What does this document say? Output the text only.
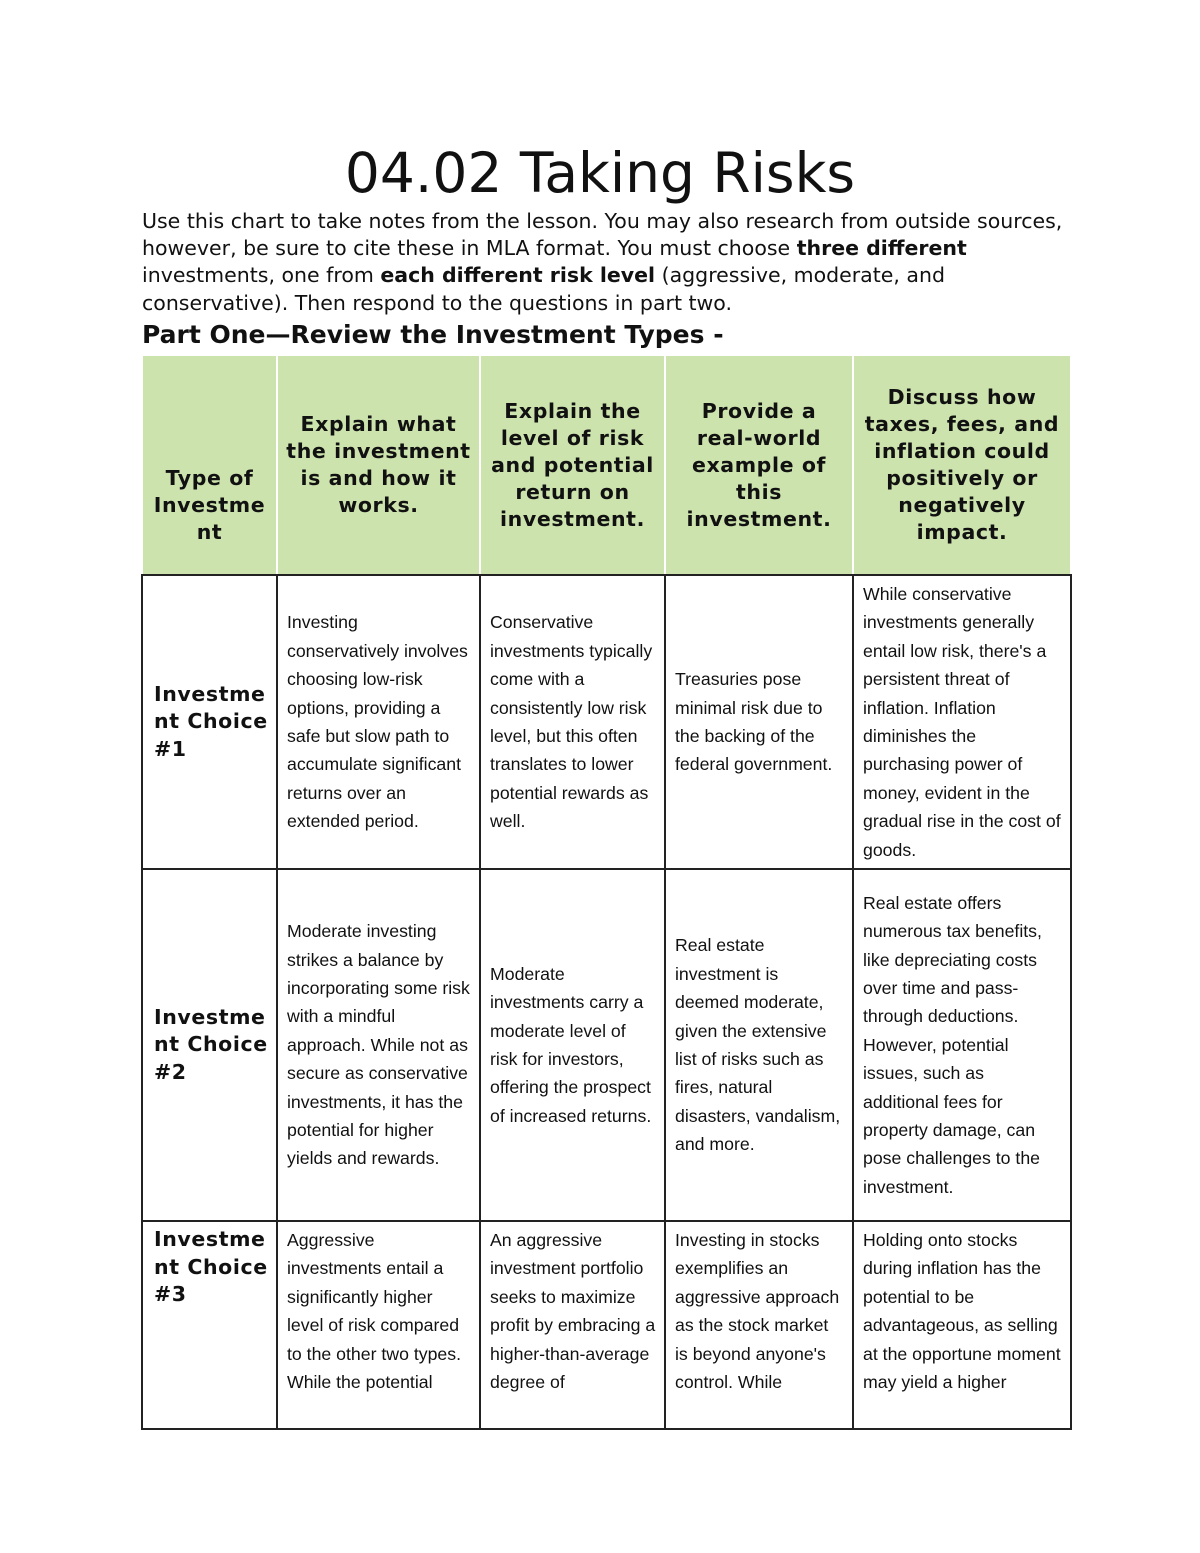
04.02 Taking Risks
Use this chart to take notes from the lesson. You may also research from outside sources, however, be sure to cite these in MLA format. You must choose three different investments, one from each different risk level (aggressive, moderate, and conservative). Then respond to the questions in part two.
Part One—Review the Investment Types -
Type of Investme nt	Explain what the investment is and how it works.	Explain the level of risk and potential return on investment.	Provide a real-world example of this investment.	Discuss how taxes, fees, and inflation could positively or negatively impact.
Investme nt Choice #1	Investing conservatively involves choosing low-risk options, providing a safe but slow path to accumulate significant returns over an extended period.	Conservative investments typically come with a consistently low risk level, but this often translates to lower potential rewards as well.	Treasuries pose minimal risk due to the backing of the federal government.	While conservative investments generally entail low risk, there's a persistent threat of inflation. Inflation diminishes the purchasing power of money, evident in the gradual rise in the cost of goods.
Investme nt Choice #2	Moderate investing strikes a balance by incorporating some risk with a mindful approach. While not as secure as conservative investments, it has the potential for higher yields and rewards.	Moderate investments carry a moderate level of risk for investors, offering the prospect of increased returns.	Real estate investment is deemed moderate, given the extensive list of risks such as fires, natural disasters, vandalism, and more.	Real estate offers numerous tax benefits, like depreciating costs over time and pass-through deductions. However, potential issues, such as additional fees for property damage, can pose challenges to the investment.
Investme nt Choice #3	Aggressive investments entail a significantly higher level of risk compared to the other two types. While the potential	An aggressive investment portfolio seeks to maximize profit by embracing a higher-than-average degree of	Investing in stocks exemplifies an aggressive approach as the stock market is beyond anyone's control. While	Holding onto stocks during inflation has the potential to be advantageous, as selling at the opportune moment may yield a higher
